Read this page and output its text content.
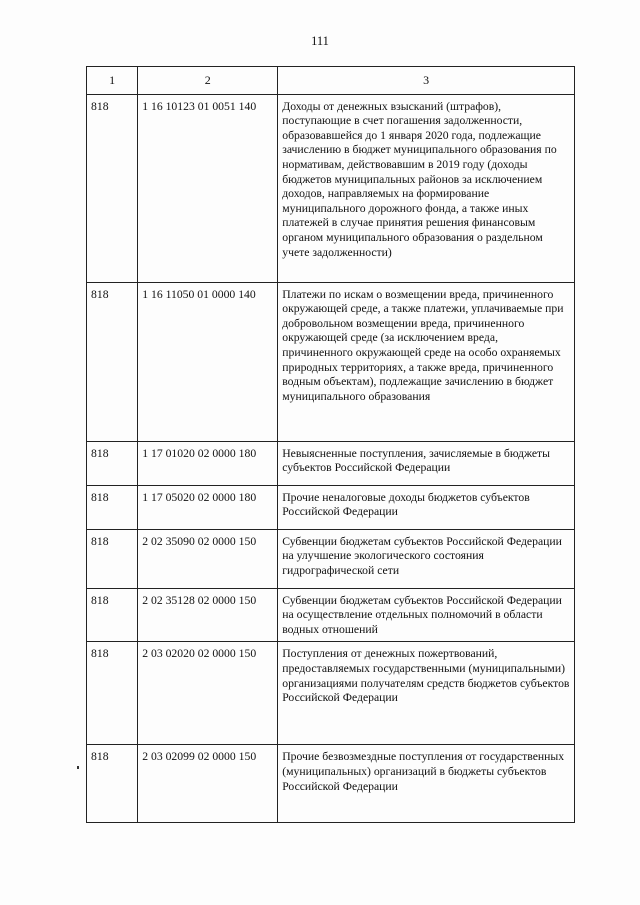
111
1	2	3
818	1 16 10123 01 0051 140	Доходы от денежных взысканий (штрафов), поступающие в счет погашения задолженности, образовавшейся до 1 января 2020 года, подлежащие зачислению в бюджет муниципального образования по нормативам, действовавшим в 2019 году (доходы бюджетов муниципальных районов за исключением доходов, направляемых на формирование муниципального дорожного фонда, а также иных платежей в случае принятия решения финансовым органом муниципального образования о раздельном учете задолженности)
818	1 16 11050 01 0000 140	Платежи по искам о возмещении вреда, причиненного окружающей среде, а также платежи, уплачиваемые при добровольном возмещении вреда, причиненного окружающей среде (за исключением вреда, причиненного окружающей среде на особо охраняемых природных территориях, а также вреда, причиненного водным объектам), подлежащие зачислению в бюджет муниципального образования
818	1 17 01020 02 0000 180	Невыясненные поступления, зачисляемые в бюджеты субъектов Российской Федерации
818	1 17 05020 02 0000 180	Прочие неналоговые доходы бюджетов субъектов Российской Федерации
818	2 02 35090 02 0000 150	Субвенции бюджетам субъектов Российской Федерации на улучшение экологического состояния гидрографической сети
818	2 02 35128 02 0000 150	Субвенции бюджетам субъектов Российской Федерации на осуществление отдельных полномочий в области водных отношений
818	2 03 02020 02 0000 150	Поступления от денежных пожертвований, предоставляемых государственными (муниципальными) организациями получателям средств бюджетов субъектов Российской Федерации
818	2 03 02099 02 0000 150	Прочие безвозмездные поступления от государственных (муниципальных) организаций в бюджеты субъектов Российской Федерации
